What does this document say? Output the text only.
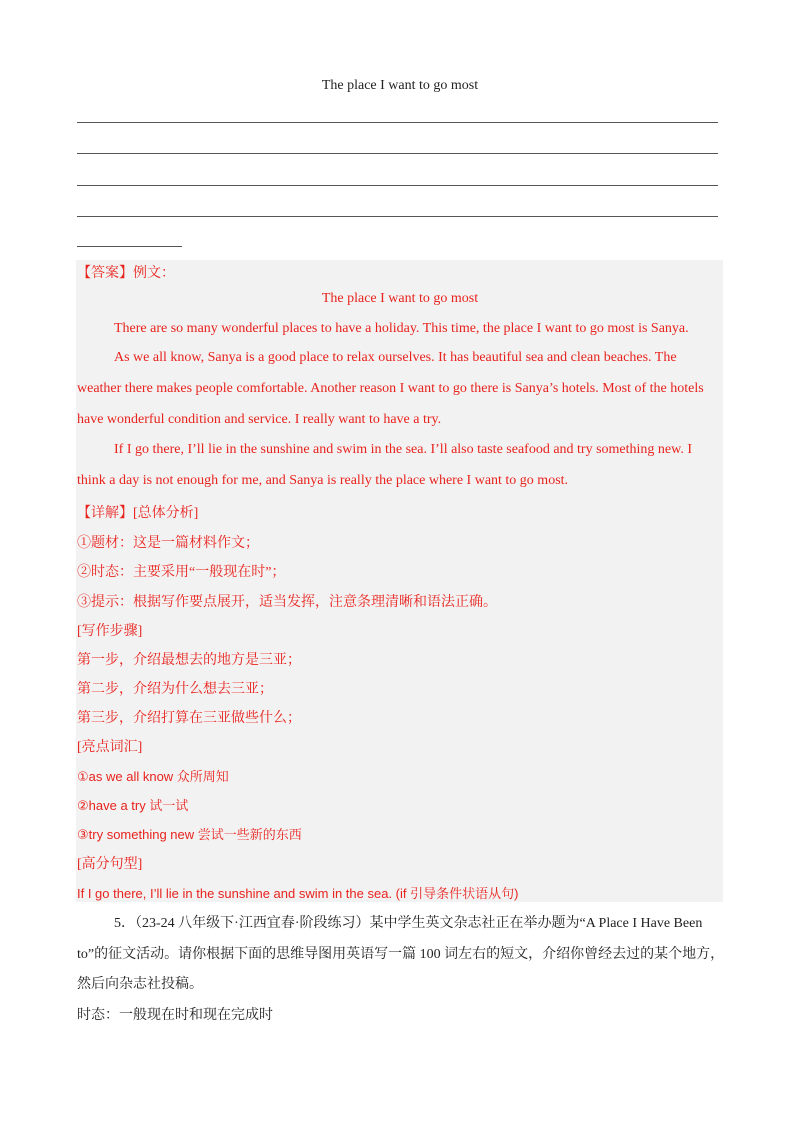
The place I want to go most
【答案】例文：
The place I want to go most
There are so many wonderful places to have a holiday. This time, the place I want to go most is Sanya.
As we all know, Sanya is a good place to relax ourselves. It has beautiful sea and clean beaches. The
weather there makes people comfortable. Another reason I want to go there is Sanya’s hotels. Most of the hotels
have wonderful condition and service. I really want to have a try.
If I go there, I’ll lie in the sunshine and swim in the sea. I’ll also taste seafood and try something new. I
think a day is not enough for me, and Sanya is really the place where I want to go most.
【详解】[总体分析]
①题材：这是一篇材料作文；
②时态：主要采用“一般现在时”；
③提示：根据写作要点展开，适当发挥，注意条理清晰和语法正确。
[写作步骤]
第一步，介绍最想去的地方是三亚；
第二步，介绍为什么想去三亚；
第三步，介绍打算在三亚做些什么；
[亮点词汇]
①as we all know 众所周知
②have a try 试一试
③try something new 尝试一些新的东西
[高分句型]
If I go there, I’ll lie in the sunshine and swim in the sea. (if 引导条件状语从句)
5．（23-24 八年级下·江西宜春·阶段练习）某中学生英文杂志社正在举办题为“A Place I Have Been
to”的征文活动。请你根据下面的思维导图用英语写一篇 100 词左右的短文，介绍你曾经去过的某个地方，
然后向杂志社投稿。
时态：一般现在时和现在完成时
